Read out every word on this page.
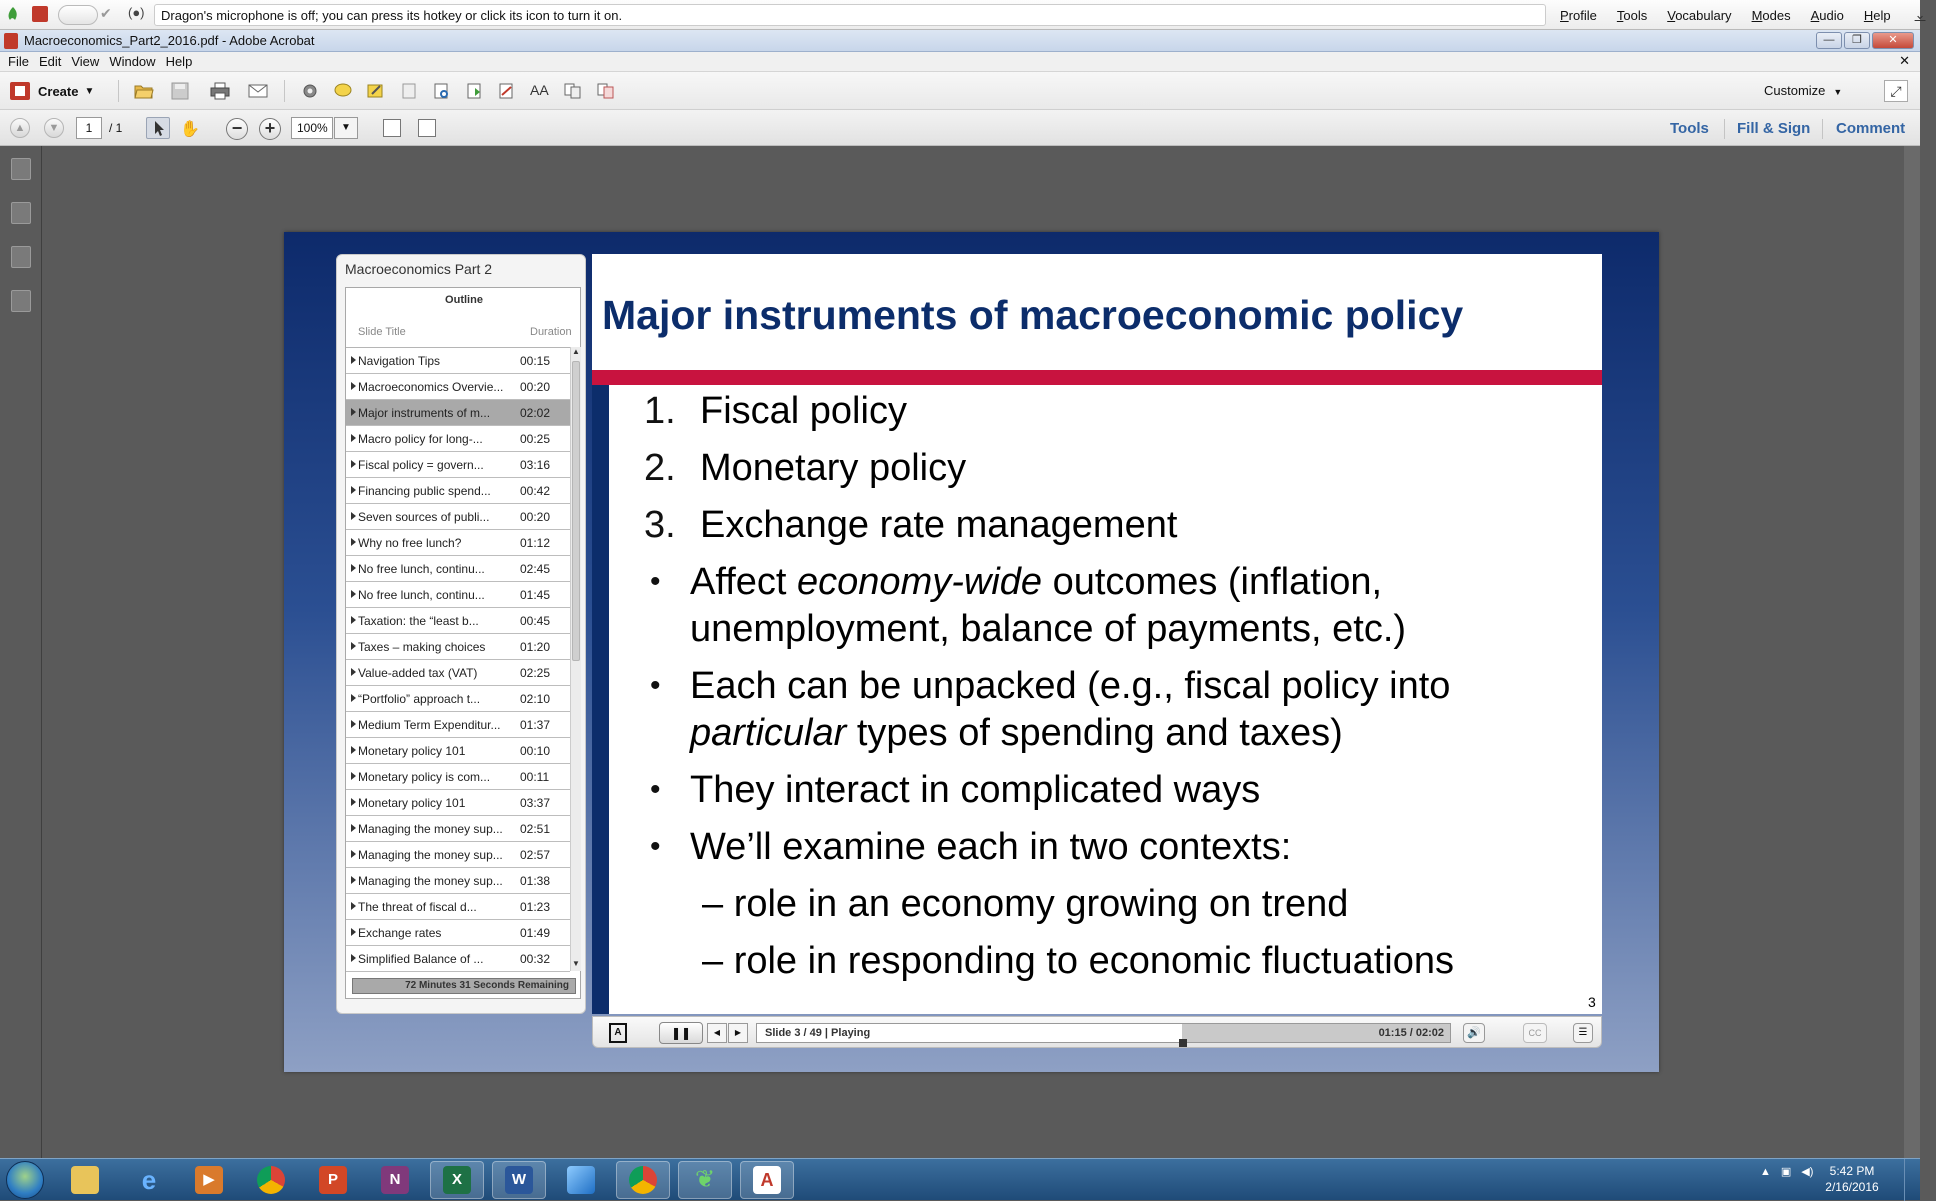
✔ (●)	Dragon's microphone is off; you can press its hotkey or click its icon to turn it on.	Profile Tools Vocabulary Modes Audio Help ⌄
Macroeconomics_Part2_2016.pdf - Adobe Acrobat	—	❐	✕
File Edit View Window Help	✕
Create ▼	AA	Customize ▼	⤢
▲	▼	1	/ 1	✋	−	+	100%	▼	Tools Fill & Sign Comment
Macroeconomics Part 2
Outline
Slide Title	Duration
Navigation Tips	00:15
Macroeconomics Overvie... 00:20
Major instruments of m...	02:02
Macro policy for long-...	00:25
Fiscal policy = govern...	03:16
Financing public spend...	00:42
Seven sources of publi...	00:20
Why no free lunch?	01:12
No free lunch, continu...	02:45
No free lunch, continu...	01:45
Taxation: the “least b...	00:45
Taxes – making choices	01:20
Value-added tax (VAT)	02:25
“Portfolio” approach t...	02:10
Medium Term Expenditur...	01:37
Monetary policy 101	00:10
Monetary policy is com...	00:11
Monetary policy 101	03:37
Managing the money sup... 02:51
Managing the money sup... 02:57
Managing the money sup... 01:38
The threat of fiscal d...	01:23
Exchange rates	01:49
Simplified Balance of ...	00:32
▲
▼
72 Minutes 31 Seconds Remaining
Major instruments of macroeconomic policy
1. Fiscal policy
2. Monetary policy
3. Exchange rate management
• Affect economy-wide outcomes (inflation,
unemployment, balance of payments, etc.)
• Each can be unpacked (e.g., fiscal policy into
particular types of spending and taxes)
• They interact in complicated ways
• We’ll examine each in two contexts:
3
– role in an economy growing on trend
– role in responding to economic fluctuations
A	❚❚	◀	▶	Slide 3 / 49 | Playing	01:15 / 02:02	🔊	CC	☰
e	▶	P	N	X	W	❦	A	▲ ▣ ◀)	5:42 PM
2/16/2016
